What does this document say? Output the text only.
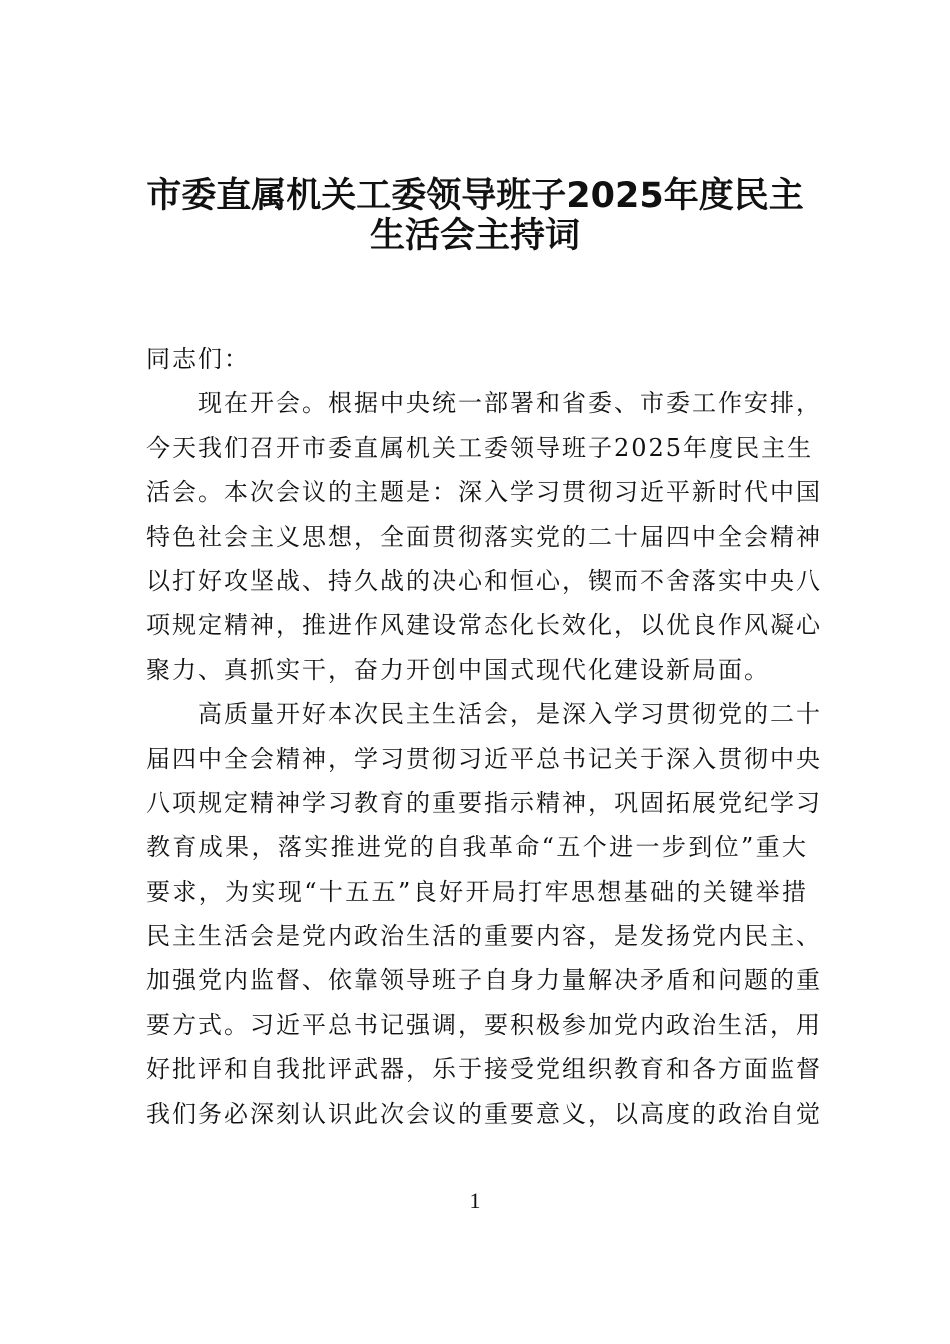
市委直属机关工委领导班子2025年度民主
生活会主持词
同志们：
现在开会。根据中央统一部署和省委、市委工作安排，
今天我们召开市委直属机关工委领导班子2025年度民主生
活会。本次会议的主题是：深入学习贯彻习近平新时代中国
特色社会主义思想，全面贯彻落实党的二十届四中全会精神
以打好攻坚战、持久战的决心和恒心，锲而不舍落实中央八
项规定精神，推进作风建设常态化长效化，以优良作风凝心
聚力、真抓实干，奋力开创中国式现代化建设新局面。
高质量开好本次民主生活会，是深入学习贯彻党的二十
届四中全会精神，学习贯彻习近平总书记关于深入贯彻中央
八项规定精神学习教育的重要指示精神，巩固拓展党纪学习
教育成果，落实推进党的自我革命“五个进一步到位”重大
要求，为实现“十五五”良好开局打牢思想基础的关键举措
民主生活会是党内政治生活的重要内容，是发扬党内民主、
加强党内监督、依靠领导班子自身力量解决矛盾和问题的重
要方式。习近平总书记强调，要积极参加党内政治生活，用
好批评和自我批评武器，乐于接受党组织教育和各方面监督
我们务必深刻认识此次会议的重要意义，以高度的政治自觉
1
